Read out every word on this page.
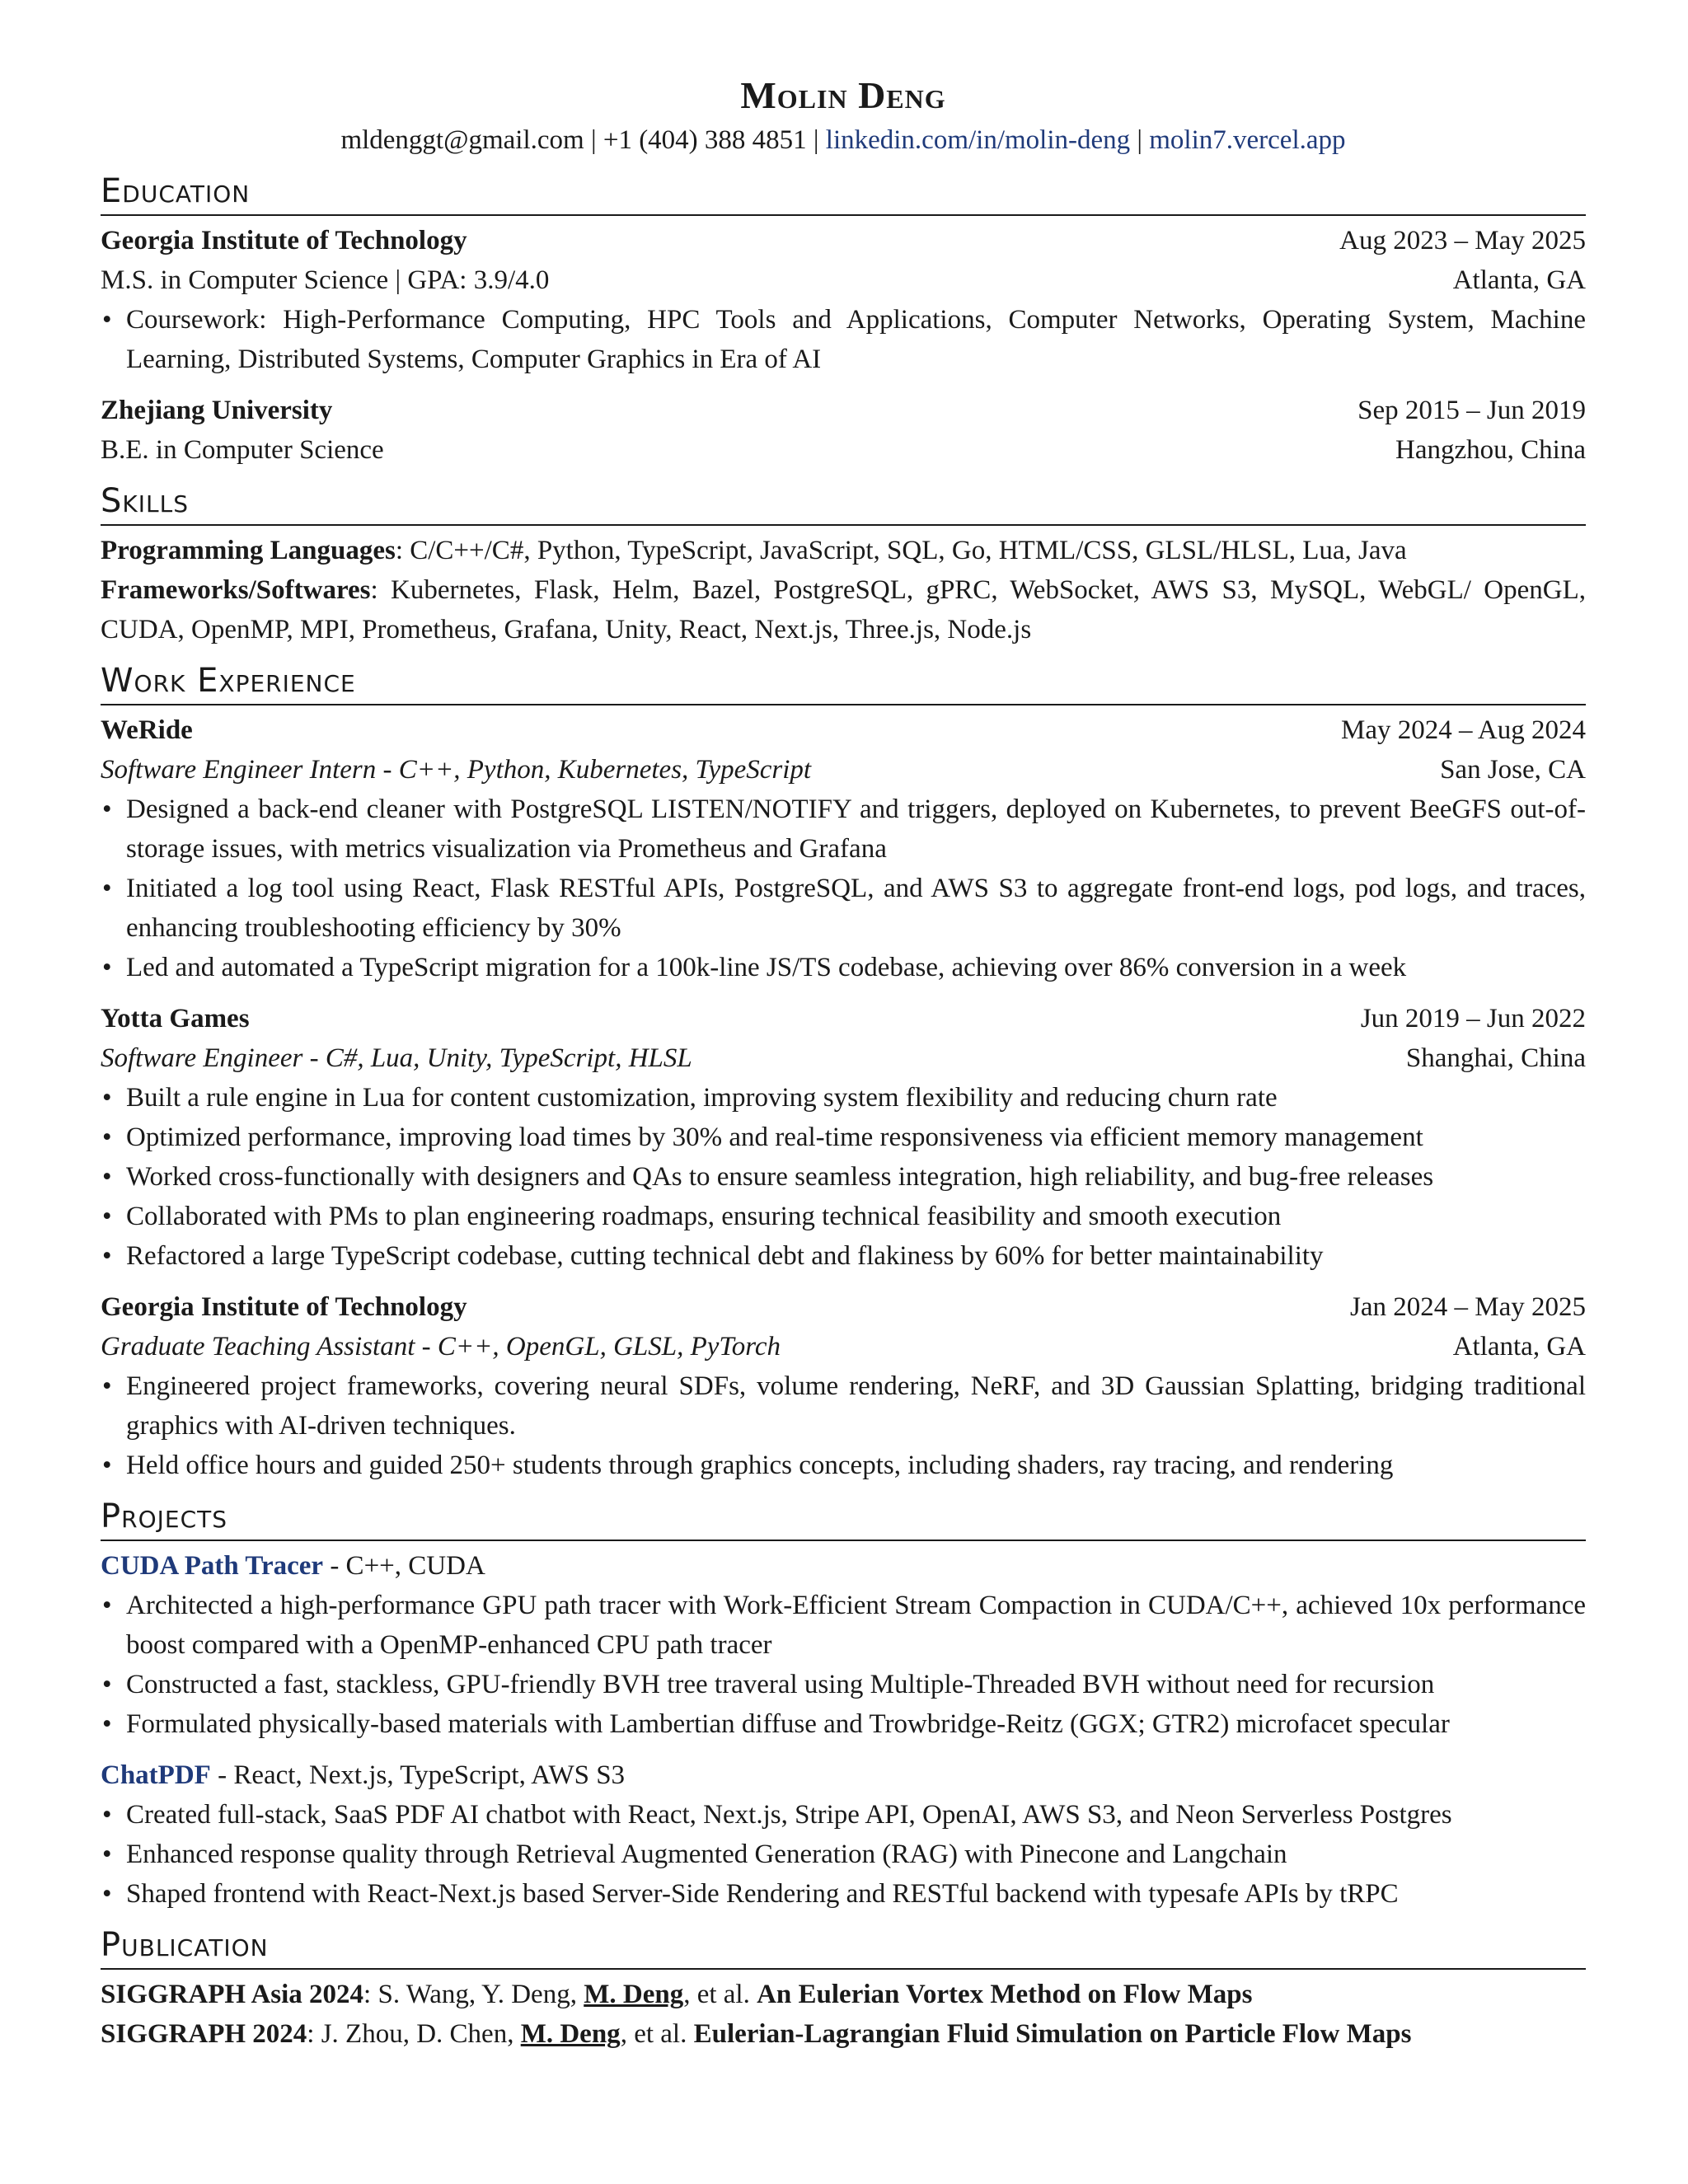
Molin Deng
mldenggt@gmail.com | +1 (404) 388 4851 | linkedin.com/in/molin-deng | molin7.vercel.app
Education
Georgia Institute of Technology	Aug 2023 – May 2025
M.S. in Computer Science | GPA: 3.9/4.0	Atlanta, GA
• Coursework: High-Performance Computing, HPC Tools and Applications, Computer Networks, Operating System, Machine Learning, Distributed Systems, Computer Graphics in Era of AI
Zhejiang University	Sep 2015 – Jun 2019
B.E. in Computer Science	Hangzhou, China
Skills
Programming Languages: C/C++/C#, Python, TypeScript, JavaScript, SQL, Go, HTML/CSS, GLSL/HLSL, Lua, Java
Frameworks/Softwares: Kubernetes, Flask, Helm, Bazel, PostgreSQL, gPRC, WebSocket, AWS S3, MySQL, WebGL/ OpenGL, CUDA, OpenMP, MPI, Prometheus, Grafana, Unity, React, Next.js, Three.js, Node.js
Work Experience
WeRide	May 2024 – Aug 2024
Software Engineer Intern - C++, Python, Kubernetes, TypeScript	San Jose, CA
• Designed a back-end cleaner with PostgreSQL LISTEN/NOTIFY and triggers, deployed on Kubernetes, to prevent BeeGFS out-of-storage issues, with metrics visualization via Prometheus and Grafana
• Initiated a log tool using React, Flask RESTful APIs, PostgreSQL, and AWS S3 to aggregate front-end logs, pod logs, and traces, enhancing troubleshooting efficiency by 30%
• Led and automated a TypeScript migration for a 100k-line JS/TS codebase, achieving over 86% conversion in a week
Yotta Games	Jun 2019 – Jun 2022
Software Engineer - C#, Lua, Unity, TypeScript, HLSL	Shanghai, China
• Built a rule engine in Lua for content customization, improving system flexibility and reducing churn rate
• Optimized performance, improving load times by 30% and real-time responsiveness via efficient memory management
• Worked cross-functionally with designers and QAs to ensure seamless integration, high reliability, and bug-free releases
• Collaborated with PMs to plan engineering roadmaps, ensuring technical feasibility and smooth execution
• Refactored a large TypeScript codebase, cutting technical debt and flakiness by 60% for better maintainability
Georgia Institute of Technology	Jan 2024 – May 2025
Graduate Teaching Assistant - C++, OpenGL, GLSL, PyTorch	Atlanta, GA
• Engineered project frameworks, covering neural SDFs, volume rendering, NeRF, and 3D Gaussian Splatting, bridging traditional graphics with AI-driven techniques.
• Held office hours and guided 250+ students through graphics concepts, including shaders, ray tracing, and rendering
Projects
CUDA Path Tracer - C++, CUDA
• Architected a high-performance GPU path tracer with Work-Efficient Stream Compaction in CUDA/C++, achieved 10x performance boost compared with a OpenMP-enhanced CPU path tracer
• Constructed a fast, stackless, GPU-friendly BVH tree traveral using Multiple-Threaded BVH without need for recursion
• Formulated physically-based materials with Lambertian diffuse and Trowbridge-Reitz (GGX; GTR2) microfacet specular
ChatPDF - React, Next.js, TypeScript, AWS S3
• Created full-stack, SaaS PDF AI chatbot with React, Next.js, Stripe API, OpenAI, AWS S3, and Neon Serverless Postgres
• Enhanced response quality through Retrieval Augmented Generation (RAG) with Pinecone and Langchain
• Shaped frontend with React-Next.js based Server-Side Rendering and RESTful backend with typesafe APIs by tRPC
Publication
SIGGRAPH Asia 2024: S. Wang, Y. Deng, M. Deng, et al. An Eulerian Vortex Method on Flow Maps
SIGGRAPH 2024: J. Zhou, D. Chen, M. Deng, et al. Eulerian-Lagrangian Fluid Simulation on Particle Flow Maps
